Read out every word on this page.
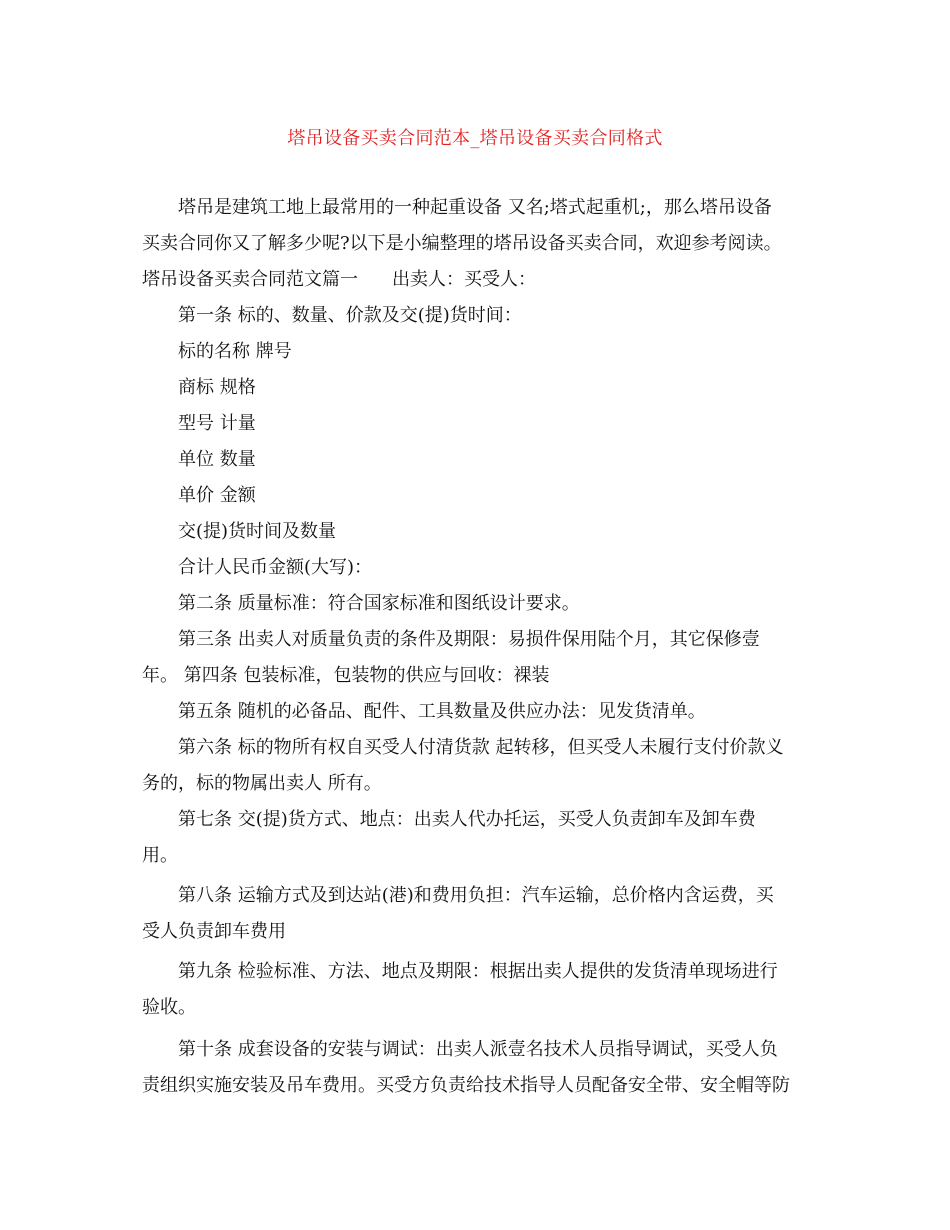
塔吊设备买卖合同范本_塔吊设备买卖合同格式

塔吊是建筑工地上最常用的一种起重设备 又名;塔式起重机;，那么塔吊设备

买卖合同你又了解多少呢?以下是小编整理的塔吊设备买卖合同，欢迎参考阅读。

塔吊设备买卖合同范文篇一 出卖人：买受人：

第一条 标的、数量、价款及交(提)货时间：

标的名称 牌号

商标 规格

型号 计量

单位 数量

单价 金额

交(提)货时间及数量

合计人民币金额(大写)：

第二条 质量标准：符合国家标准和图纸设计要求。

第三条 出卖人对质量负责的条件及期限：易损件保用陆个月，其它保修壹

年。 第四条 包装标准，包装物的供应与回收：裸装

第五条 随机的必备品、配件、工具数量及供应办法：见发货清单。

第六条 标的物所有权自买受人付清货款 起转移，但买受人未履行支付价款义

务的，标的物属出卖人 所有。

第七条 交(提)货方式、地点：出卖人代办托运，买受人负责卸车及卸车费

用。

第八条 运输方式及到达站(港)和费用负担：汽车运输，总价格内含运费，买

受人负责卸车费用

第九条 检验标准、方法、地点及期限：根据出卖人提供的发货清单现场进行

验收。

第十条 成套设备的安装与调试：出卖人派壹名技术人员指导调试，买受人负

责组织实施安装及吊车费用。买受方负责给技术指导人员配备安全带、安全帽等防
